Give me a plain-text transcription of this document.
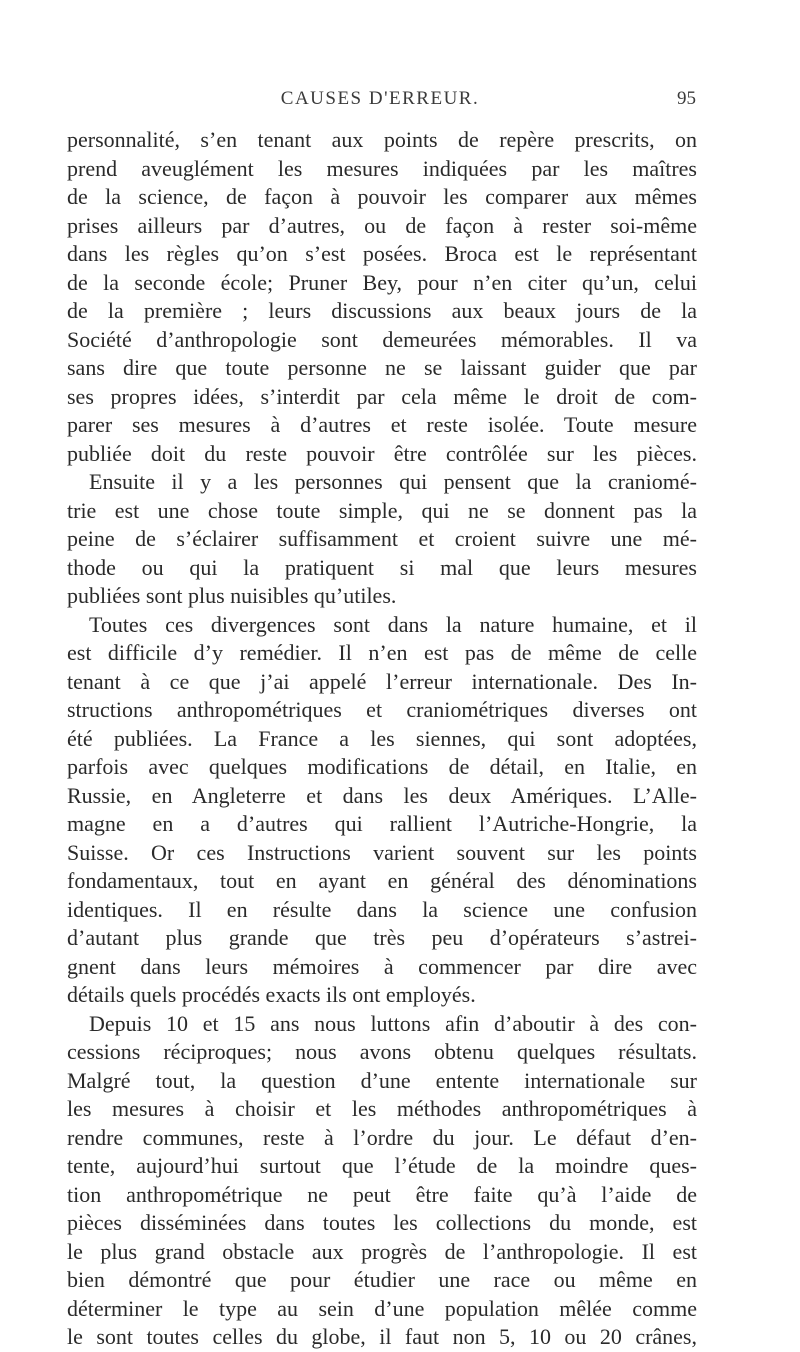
CAUSES D'ERREUR.	95
personnalité, s’en tenant aux points de repère prescrits, on
prend aveuglément les mesures indiquées par les maîtres
de la science, de façon à pouvoir les comparer aux mêmes
prises ailleurs par d’autres, ou de façon à rester soi-même
dans les règles qu’on s’est posées. Broca est le représentant
de la seconde école; Pruner Bey, pour n’en citer qu’un, celui
de la première ; leurs discussions aux beaux jours de la
Société d’anthropologie sont demeurées mémorables. Il va
sans dire que toute personne ne se laissant guider que par
ses propres idées, s’interdit par cela même le droit de com-
parer ses mesures à d’autres et reste isolée. Toute mesure
publiée doit du reste pouvoir être contrôlée sur les pièces.
Ensuite il y a les personnes qui pensent que la craniomé-
trie est une chose toute simple, qui ne se donnent pas la
peine de s’éclairer suffisamment et croient suivre une mé-
thode ou qui la pratiquent si mal que leurs mesures
publiées sont plus nuisibles qu’utiles.
Toutes ces divergences sont dans la nature humaine, et il
est difficile d’y remédier. Il n’en est pas de même de celle
tenant à ce que j’ai appelé l’erreur internationale. Des In-
structions anthropométriques et craniométriques diverses ont
été publiées. La France a les siennes, qui sont adoptées,
parfois avec quelques modifications de détail, en Italie, en
Russie, en Angleterre et dans les deux Amériques. L’Alle-
magne en a d’autres qui rallient l’Autriche-Hongrie, la
Suisse. Or ces Instructions varient souvent sur les points
fondamentaux, tout en ayant en général des dénominations
identiques. Il en résulte dans la science une confusion
d’autant plus grande que très peu d’opérateurs s’astrei-
gnent dans leurs mémoires à commencer par dire avec
détails quels procédés exacts ils ont employés.
Depuis 10 et 15 ans nous luttons afin d’aboutir à des con-
cessions réciproques; nous avons obtenu quelques résultats.
Malgré tout, la question d’une entente internationale sur
les mesures à choisir et les méthodes anthropométriques à
rendre communes, reste à l’ordre du jour. Le défaut d’en-
tente, aujourd’hui surtout que l’étude de la moindre ques-
tion anthropométrique ne peut être faite qu’à l’aide de
pièces disséminées dans toutes les collections du monde, est
le plus grand obstacle aux progrès de l’anthropologie. Il est
bien démontré que pour étudier une race ou même en
déterminer le type au sein d’une population mêlée comme
le sont toutes celles du globe, il faut non 5, 10 ou 20 crânes,
